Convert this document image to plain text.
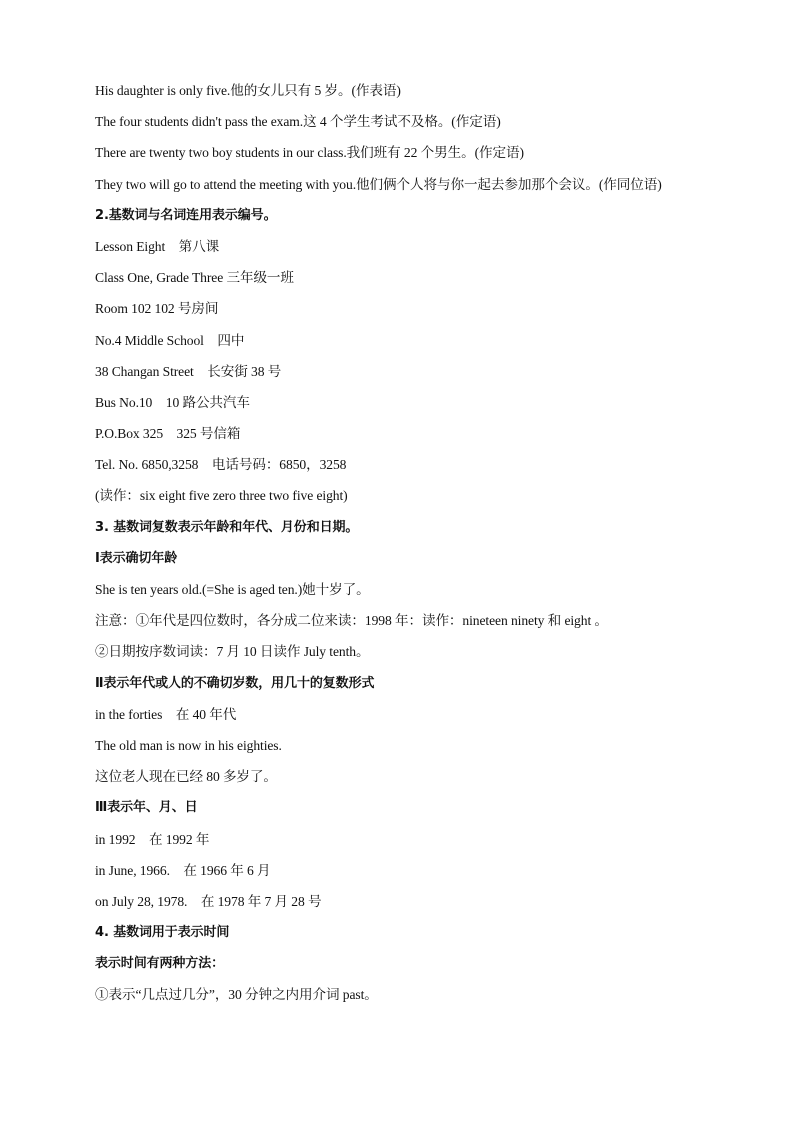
His daughter is only five.他的女儿只有 5 岁。(作表语)
The four students didn't pass the exam.这 4 个学生考试不及格。(作定语)
There are twenty two boy students in our class.我们班有 22 个男生。(作定语)
They two will go to attend the meeting with you.他们俩个人将与你一起去参加那个会议。(作同位语)
2.基数词与名词连用表示编号。
Lesson Eight　第八课
Class One, Grade Three 三年级一班
Room 102 102 号房间
No.4 Middle School　四中
38 Changan Street　长安街 38 号
Bus No.10　10 路公共汽车
P.O.Box 325　325 号信箱
Tel. No. 6850,3258　电话号码：6850，3258
(读作：six eight five zero three two five eight)
3. 基数词复数表示年龄和年代、月份和日期。
Ⅰ表示确切年龄
She is ten years old.(=She is aged ten.)她十岁了。
注意：①年代是四位数时，各分成二位来读：1998 年：读作：nineteen ninety 和 eight 。
②日期按序数词读：7 月 10 日读作 July tenth。
Ⅱ表示年代或人的不确切岁数，用几十的复数形式
in the forties　在 40 年代
The old man is now in his eighties.
这位老人现在已经 80 多岁了。
Ⅲ表示年、月、日
in 1992　在 1992 年
in June, 1966.　在 1966 年 6 月
on July 28, 1978.　在 1978 年 7 月 28 号
4. 基数词用于表示时间
表示时间有两种方法：
①表示“几点过几分”，30 分钟之内用介词 past。
